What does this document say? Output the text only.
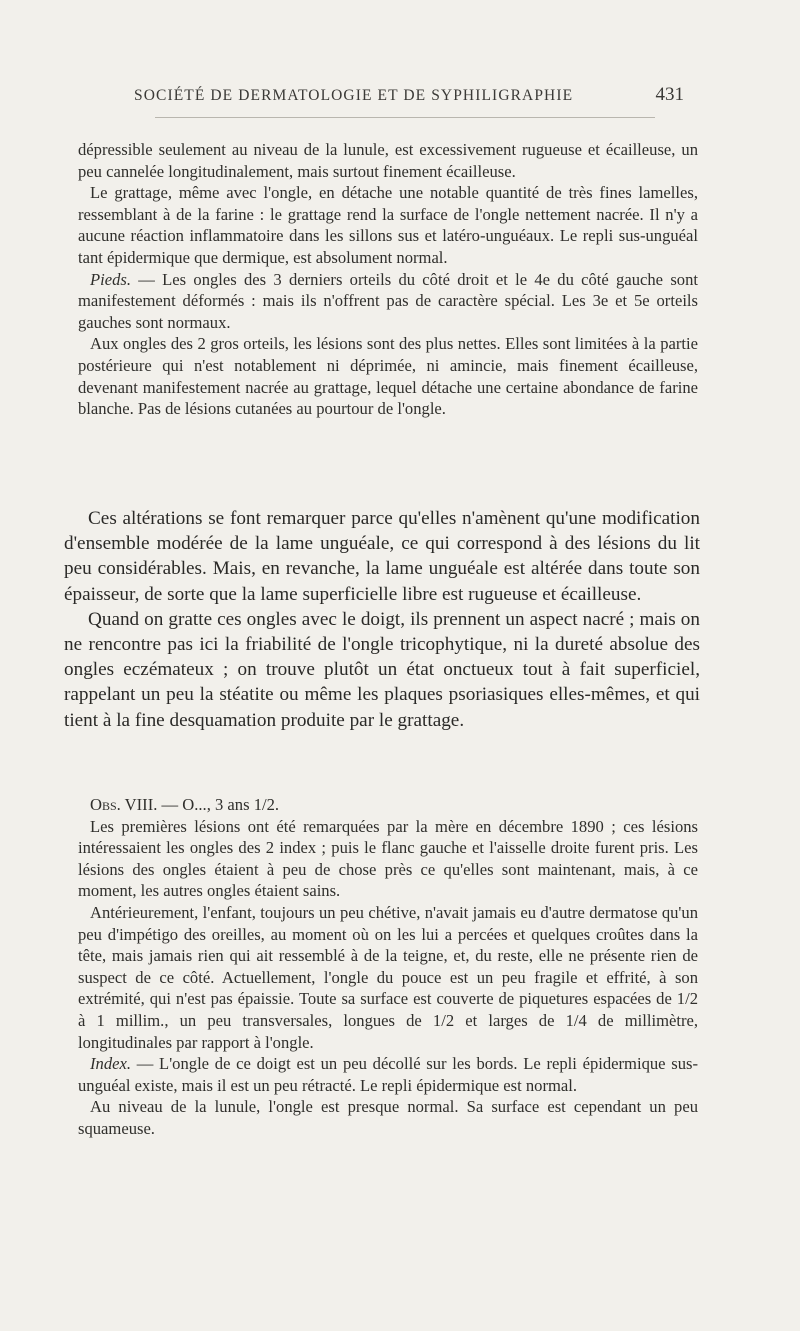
SOCIÉTÉ DE DERMATOLOGIE ET DE SYPHILIGRAPHIE	431

dépressible seulement au niveau de la lunule, est excessivement rugueuse et écailleuse, un peu cannelée longitudinalement, mais surtout finement écailleuse.

Le grattage, même avec l'ongle, en détache une notable quantité de très fines lamelles, ressemblant à de la farine : le grattage rend la surface de l'ongle nettement nacrée. Il n'y a aucune réaction inflammatoire dans les sillons sus et latéro-unguéaux. Le repli sus-unguéal tant épidermique que dermique, est absolument normal.

Pieds. — Les ongles des 3 derniers orteils du côté droit et le 4e du côté gauche sont manifestement déformés : mais ils n'offrent pas de caractère spécial. Les 3e et 5e orteils gauches sont normaux.

Aux ongles des 2 gros orteils, les lésions sont des plus nettes. Elles sont limitées à la partie postérieure qui n'est notablement ni déprimée, ni amincie, mais finement écailleuse, devenant manifestement nacrée au grattage, lequel détache une certaine abondance de farine blanche. Pas de lésions cutanées au pourtour de l'ongle.

Ces altérations se font remarquer parce qu'elles n'amènent qu'une modification d'ensemble modérée de la lame unguéale, ce qui correspond à des lésions du lit peu considérables. Mais, en revanche, la lame unguéale est altérée dans toute son épaisseur, de sorte que la lame superficielle libre est rugueuse et écailleuse.

Quand on gratte ces ongles avec le doigt, ils prennent un aspect nacré ; mais on ne rencontre pas ici la friabilité de l'ongle tricophytique, ni la dureté absolue des ongles eczémateux ; on trouve plutôt un état onctueux tout à fait superficiel, rappelant un peu la stéatite ou même les plaques psoriasiques elles-mêmes, et qui tient à la fine desquamation produite par le grattage.

Obs. VIII. — O..., 3 ans 1/2.

Les premières lésions ont été remarquées par la mère en décembre 1890 ; ces lésions intéressaient les ongles des 2 index ; puis le flanc gauche et l'aisselle droite furent pris. Les lésions des ongles étaient à peu de chose près ce qu'elles sont maintenant, mais, à ce moment, les autres ongles étaient sains.

Antérieurement, l'enfant, toujours un peu chétive, n'avait jamais eu d'autre dermatose qu'un peu d'impétigo des oreilles, au moment où on les lui a percées et quelques croûtes dans la tête, mais jamais rien qui ait ressemblé à de la teigne, et, du reste, elle ne présente rien de suspect de ce côté. Actuellement, l'ongle du pouce est un peu fragile et effrité, à son extrémité, qui n'est pas épaissie. Toute sa surface est couverte de piquetures espacées de 1/2 à 1 millim., un peu transversales, longues de 1/2 et larges de 1/4 de millimètre, longitudinales par rapport à l'ongle.

Index. — L'ongle de ce doigt est un peu décollé sur les bords. Le repli épidermique sus-unguéal existe, mais il est un peu rétracté. Le repli épidermique est normal.

Au niveau de la lunule, l'ongle est presque normal. Sa surface est cependant un peu squameuse.
